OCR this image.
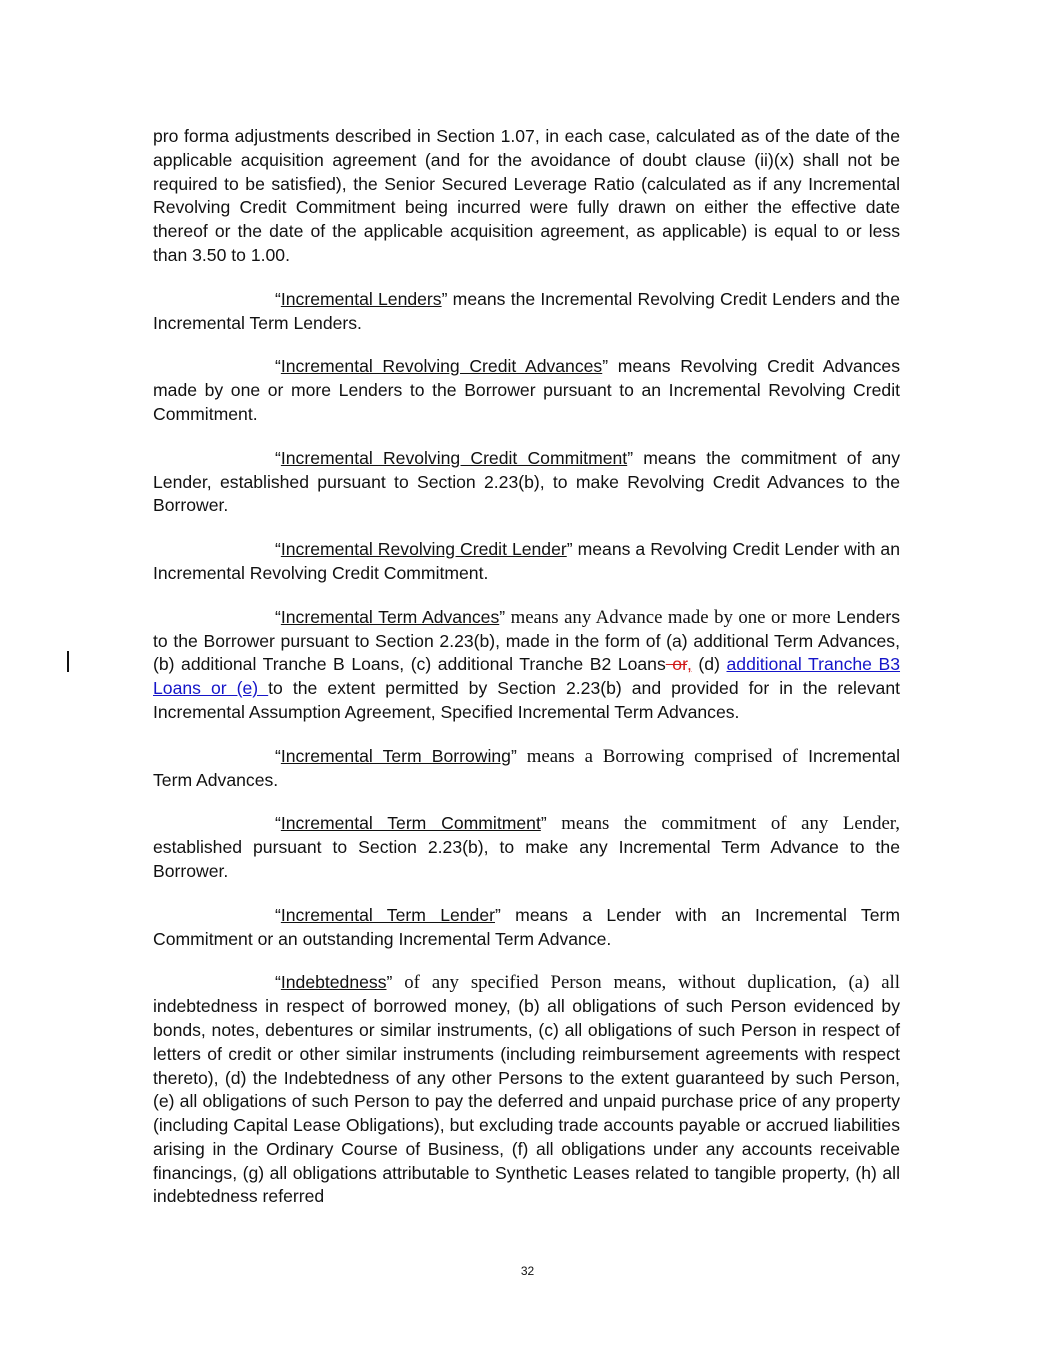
pro forma adjustments described in Section 1.07, in each case, calculated as of the date of the applicable acquisition agreement (and for the avoidance of doubt clause (ii)(x) shall not be required to be satisfied), the Senior Secured Leverage Ratio (calculated as if any Incremental Revolving Credit Commitment being incurred were fully drawn on either the effective date thereof or the date of the applicable acquisition agreement, as applicable) is equal to or less than 3.50 to 1.00.

“Incremental Lenders” means the Incremental Revolving Credit Lenders and the Incremental Term Lenders.

“Incremental Revolving Credit Advances” means Revolving Credit Advances made by one or more Lenders to the Borrower pursuant to an Incremental Revolving Credit Commitment.

“Incremental Revolving Credit Commitment” means the commitment of any Lender, established pursuant to Section 2.23(b), to make Revolving Credit Advances to the Borrower.

“Incremental Revolving Credit Lender” means a Revolving Credit Lender with an Incremental Revolving Credit Commitment.

“Incremental Term Advances” means any Advance made by one or more Lenders to the Borrower pursuant to Section 2.23(b), made in the form of (a) additional Term Advances, (b) additional Tranche B Loans, (c) additional Tranche B2 Loans or, (d) additional Tranche B3 Loans or (e) to the extent permitted by Section 2.23(b) and provided for in the relevant Incremental Assumption Agreement, Specified Incremental Term Advances.

“Incremental Term Borrowing” means a Borrowing comprised of Incremental Term Advances.

“Incremental Term Commitment” means the commitment of any Lender, established pursuant to Section 2.23(b), to make any Incremental Term Advance to the Borrower.

“Incremental Term Lender” means a Lender with an Incremental Term Commitment or an outstanding Incremental Term Advance.

“Indebtedness” of any specified Person means, without duplication, (a) all indebtedness in respect of borrowed money, (b) all obligations of such Person evidenced by bonds, notes, debentures or similar instruments, (c) all obligations of such Person in respect of letters of credit or other similar instruments (including reimbursement agreements with respect thereto), (d) the Indebtedness of any other Persons to the extent guaranteed by such Person, (e) all obligations of such Person to pay the deferred and unpaid purchase price of any property (including Capital Lease Obligations), but excluding trade accounts payable or accrued liabilities arising in the Ordinary Course of Business, (f) all obligations under any accounts receivable financings, (g) all obligations attributable to Synthetic Leases related to tangible property, (h) all indebtedness referred

32
